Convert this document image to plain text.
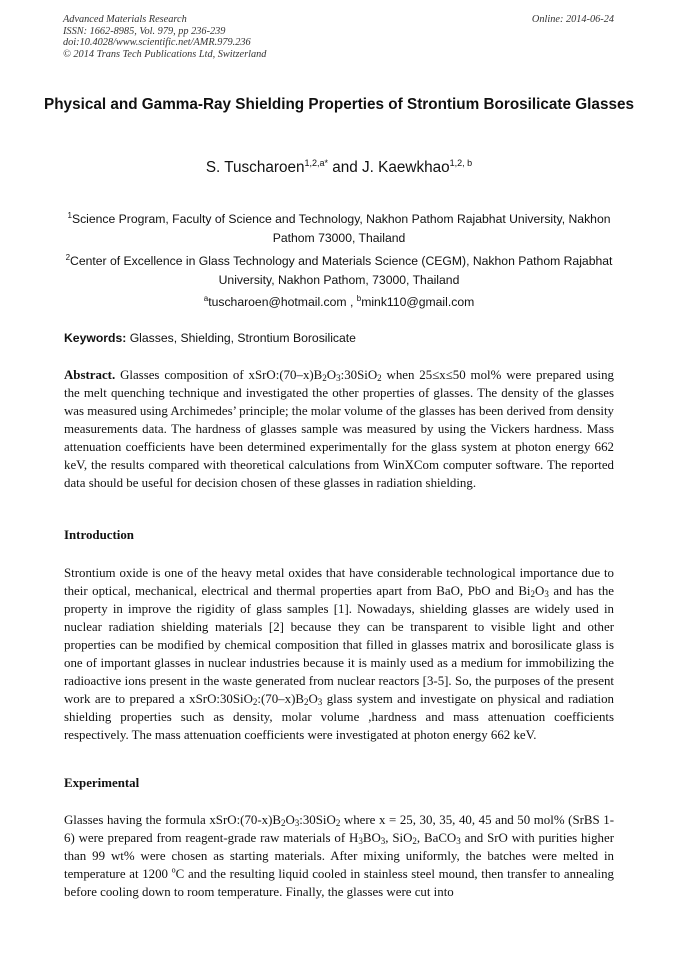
Advanced Materials Research
ISSN: 1662-8985, Vol. 979, pp 236-239
doi:10.4028/www.scientific.net/AMR.979.236
© 2014 Trans Tech Publications Ltd, Switzerland
Online: 2014-06-24
Physical and Gamma-Ray Shielding Properties of Strontium Borosilicate Glasses
S. Tuscharoen$^{1,2,a*}$ and J. Kaewkhao$^{1,2, b}$
$^1$Science Program, Faculty of Science and Technology, Nakhon Pathom Rajabhat University, Nakhon Pathom 73000, Thailand
$^2$Center of Excellence in Glass Technology and Materials Science (CEGM), Nakhon Pathom Rajabhat University, Nakhon Pathom, 73000, Thailand
$^a$tuscharoen@hotmail.com , $^b$mink110@gmail.com
Keywords: Glasses, Shielding, Strontium Borosilicate
Abstract. Glasses composition of $xSrO:(70-x)B_2O_3:30SiO_2$ when 25≤x≤50 mol% were prepared using the melt quenching technique and investigated the other properties of glasses. The density of the glasses was measured using Archimedes’ principle; the molar volume of the glasses has been derived from density measurements data. The hardness of glasses sample was measured by using the Vickers hardness. Mass attenuation coefficients have been determined experimentally for the glass system at photon energy 662 keV, the results compared with theoretical calculations from WinXCom computer software. The reported data should be useful for decision chosen of these glasses in radiation shielding.
Introduction
Strontium oxide is one of the heavy metal oxides that have considerable technological importance due to their optical, mechanical, electrical and thermal properties apart from BaO, PbO and $Bi_2O_3$ and has the property in improve the rigidity of glass samples [1]. Nowadays, shielding glasses are widely used in nuclear radiation shielding materials [2] because they can be transparent to visible light and other properties can be modified by chemical composition that filled in glasses matrix and borosilicate glass is one of important glasses in nuclear industries because it is mainly used as a medium for immobilizing the radioactive ions present in the waste generated from nuclear reactors [3-5]. So, the purposes of the present work are to prepared a $xSrO:30SiO_2:(70-x)B_2O_3$ glass system and investigate on physical and radiation shielding properties such as density, molar volume ,hardness and mass attenuation coefficients respectively. The mass attenuation coefficients were investigated at photon energy 662 keV.
Experimental
Glasses having the formula $xSrO:(70-x)B_2O_3:30SiO_2$ where x = 25, 30, 35, 40, 45 and 50 mol% (SrBS 1-6) were prepared from reagent-grade raw materials of $H_3BO_3$, SiO$_2$, BaCO$_3$ and SrO with purities higher than 99 wt% were chosen as starting materials. After mixing uniformly, the batches were melted in temperature at 1200 $^o$C and the resulting liquid cooled in stainless steel mound, then transfer to annealing before cooling down to room temperature. Finally, the glasses were cut into
